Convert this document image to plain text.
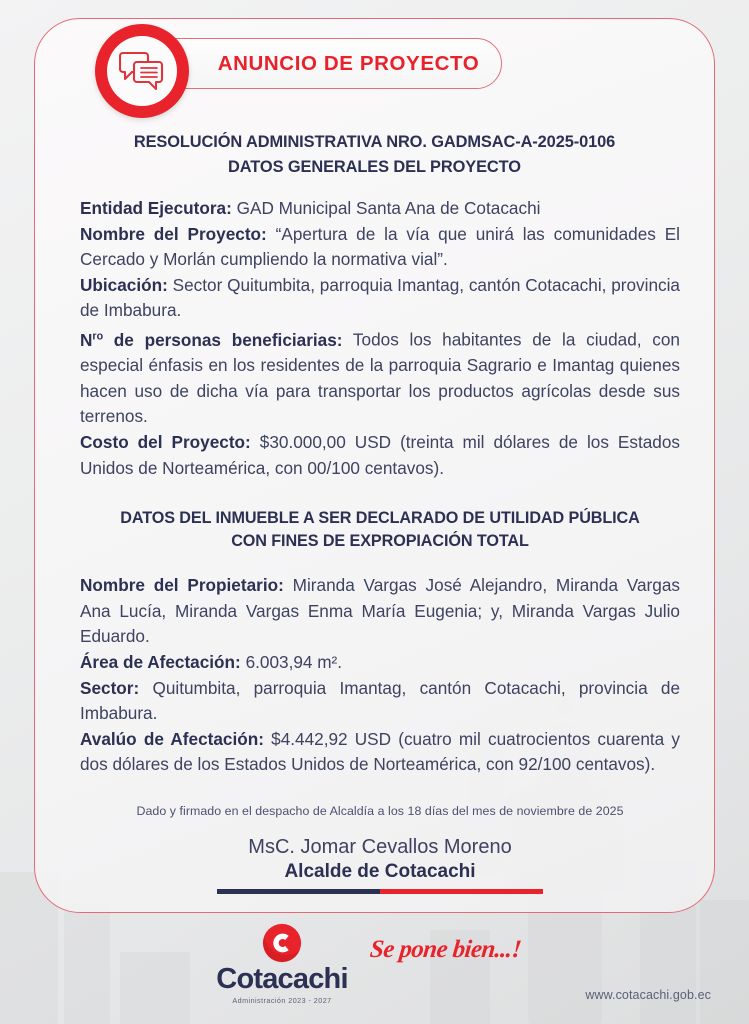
ANUNCIO DE PROYECTO
RESOLUCIÓN ADMINISTRATIVA NRO. GADMSAC-A-2025-0106
DATOS GENERALES DEL PROYECTO

Entidad Ejecutora: GAD Municipal Santa Ana de Cotacachi

Nombre del Proyecto: “Apertura de la vía que unirá las comunidades El Cercado y Morlán cumpliendo la normativa vial”.

Ubicación: Sector Quitumbita, parroquia Imantag, cantón Cotacachi, provincia de Imbabura.

$N^{ro}$ de personas beneficiarias: Todos los habitantes de la ciudad, con especial énfasis en los residentes de la parroquia Sagrario e Imantag quienes hacen uso de dicha vía para transportar los productos agrícolas desde sus terrenos.

Costo del Proyecto: $30.000,00 USD (treinta mil dólares de los Estados Unidos de Norteamérica, con 00/100 centavos).

DATOS DEL INMUEBLE A SER DECLARADO DE UTILIDAD PÚBLICA
CON FINES DE EXPROPIACIÓN TOTAL

Nombre del Propietario: Miranda Vargas José Alejandro, Miranda Vargas Ana Lucía, Miranda Vargas Enma María Eugenia; y, Miranda Vargas Julio Eduardo.

Área de Afectación: 6.003,94 m².

Sector: Quitumbita, parroquia Imantag, cantón Cotacachi, provincia de Imbabura.

Avalúo de Afectación: $4.442,92 USD (cuatro mil cuatrocientos cuarenta y dos dólares de los Estados Unidos de Norteamérica, con 92/100 centavos).

Dado y firmado en el despacho de Alcaldía a los 18 días del mes de noviembre de 2025
MsC. Jomar Cevallos Moreno
Alcalde de Cotacachi
Cotacachi
Administración 2023 - 2027
Se pone bien...!
www.cotacachi.gob.ec
